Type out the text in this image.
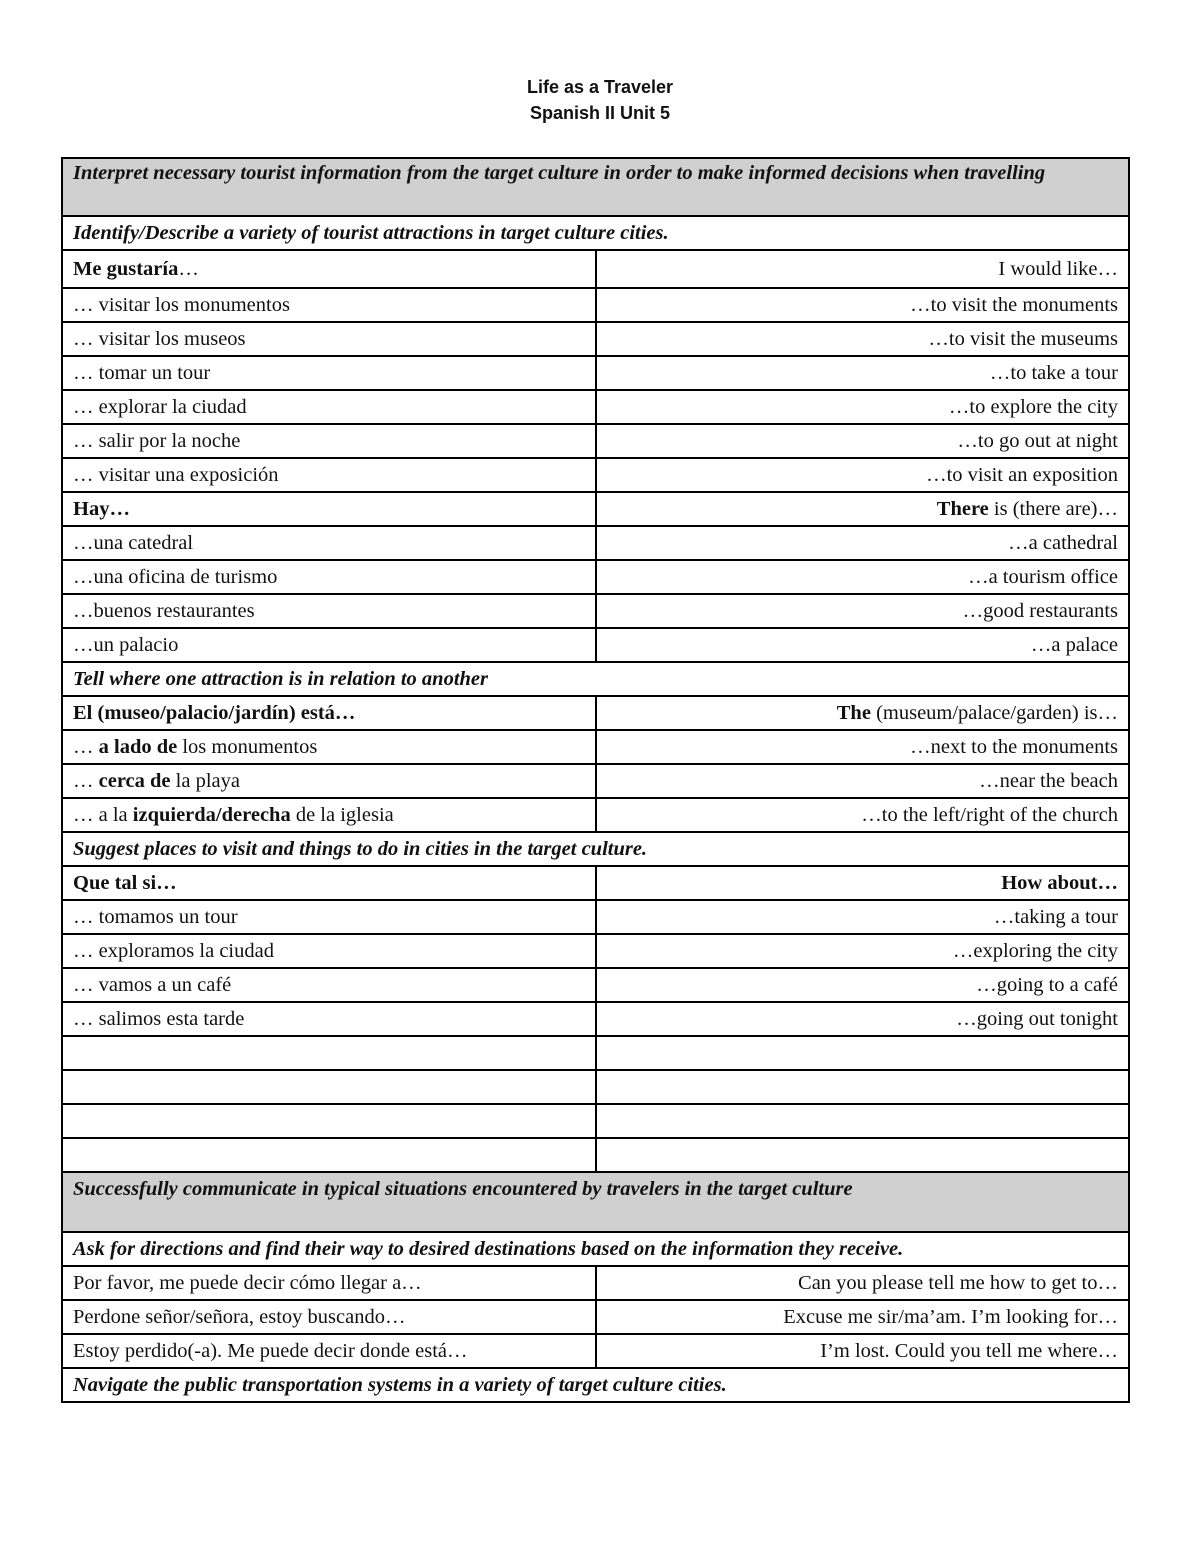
Life as a Traveler
Spanish II Unit 5
Interpret necessary tourist information from the target culture in order to make informed decisions when travelling	
Identify/Describe a variety of tourist attractions in target culture cities.	
Me gustaría…	I would like…
… visitar los monumentos	…to visit the monuments
… visitar los museos	…to visit the museums
… tomar un tour	…to take a tour
… explorar la ciudad	…to explore the city
… salir por la noche	…to go out at night
… visitar una exposición	…to visit an exposition
Hay…	There is (there are)…
…una catedral	…a cathedral
…una oficina de turismo	…a tourism office
…buenos restaurantes	…good restaurants
…un palacio	…a palace
Tell where one attraction is in relation to another	
El (museo/palacio/jardín) está…	The (museum/palace/garden) is…
… a lado de los monumentos	…next to the monuments
… cerca de la playa	…near the beach
… a la izquierda/derecha de la iglesia	…to the left/right of the church
Suggest places to visit and things to do in cities in the target culture.	
Que tal si…	How about…
… tomamos un tour	…taking a tour
… exploramos la ciudad	…exploring the city
… vamos a un café	…going to a café
… salimos esta tarde	…going out tonight

Successfully communicate in typical situations encountered by travelers in the target culture	
Ask for directions and find their way to desired destinations based on the information they receive.	
Por favor, me puede decir cómo llegar a…	Can you please tell me how to get to…
Perdone señor/señora, estoy buscando…	Excuse me sir/ma’am. I’m looking for…
Estoy perdido(-a). Me puede decir donde está…	I’m lost. Could you tell me where…
Navigate the public transportation systems in a variety of target culture cities.	
